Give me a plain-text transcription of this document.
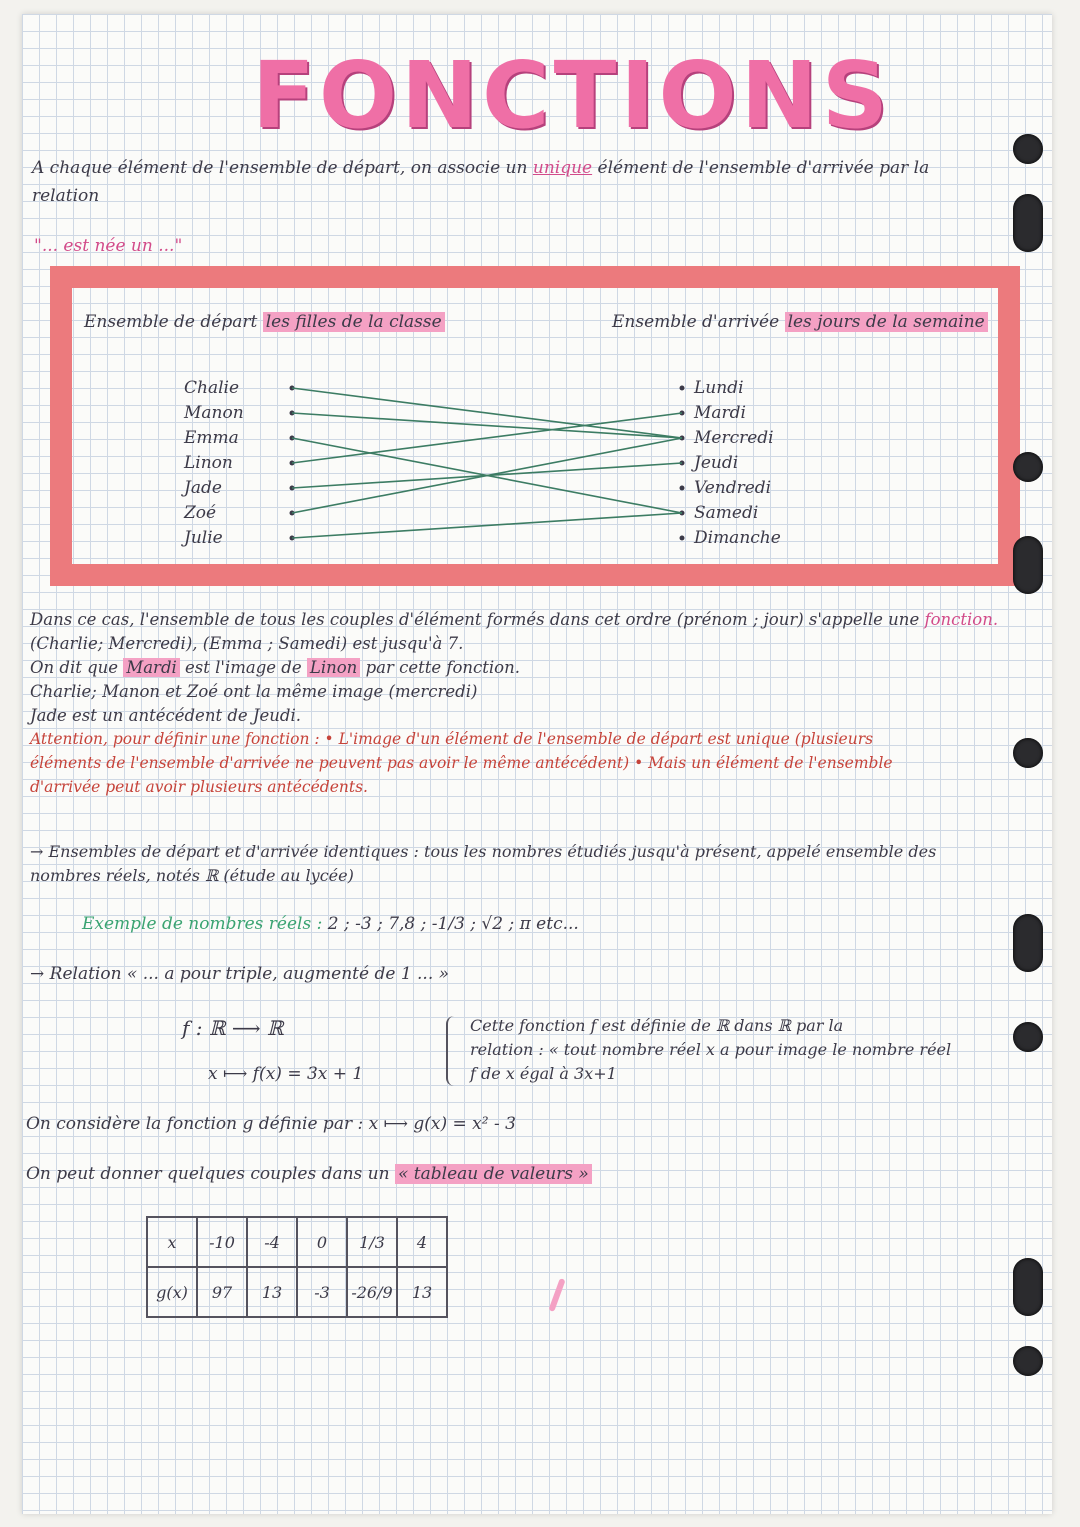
FONCTIONS
A chaque élément de l'ensemble de départ, on associe un unique élément de l'ensemble d'arrivée par la
relation
"... est née un ..."
Ensemble de départ les filles de la classe	Ensemble d'arrivée les jours de la semaine
Chalie
Manon
Emma
Linon
Jade
Zoé
Julie
Lundi
Mardi
Mercredi
Jeudi
Vendredi
Samedi
Dimanche
Dans ce cas, l'ensemble de tous les couples d'élément formés dans cet ordre (prénom ; jour) s'appelle une fonction.
(Charlie; Mercredi), (Emma ; Samedi) est jusqu'à 7.
On dit que Mardi est l'image de Linon par cette fonction.
Charlie; Manon et Zoé ont la même image (mercredi)
Jade est un antécédent de Jeudi.
Attention, pour définir une fonction : • L'image d'un élément de l'ensemble de départ est unique (plusieurs
éléments de l'ensemble d'arrivée ne peuvent pas avoir le même antécédent) • Mais un élément de l'ensemble
d'arrivée peut avoir plusieurs antécédents.
→ Ensembles de départ et d'arrivée identiques : tous les nombres étudiés jusqu'à présent, appelé ensemble des
nombres réels, notés ℝ (étude au lycée)
Exemple de nombres réels : 2 ; -3 ; 7,8 ; -1/3 ; √2 ; π etc...
→ Relation « ... a pour triple, augmenté de 1 ... »
f : ℝ ⟶ ℝ
x ⟼ f(x) = 3x + 1
Cette fonction f est définie de ℝ dans ℝ par la
relation : « tout nombre réel x a pour image le nombre réel
f de x égal à 3x+1
On considère la fonction g définie par : x ⟼ g(x) = x² - 3
On peut donner quelques couples dans un « tableau de valeurs »
x	-10	-4	0	1/3	4
g(x)	97	13	-3	-26/9	13
